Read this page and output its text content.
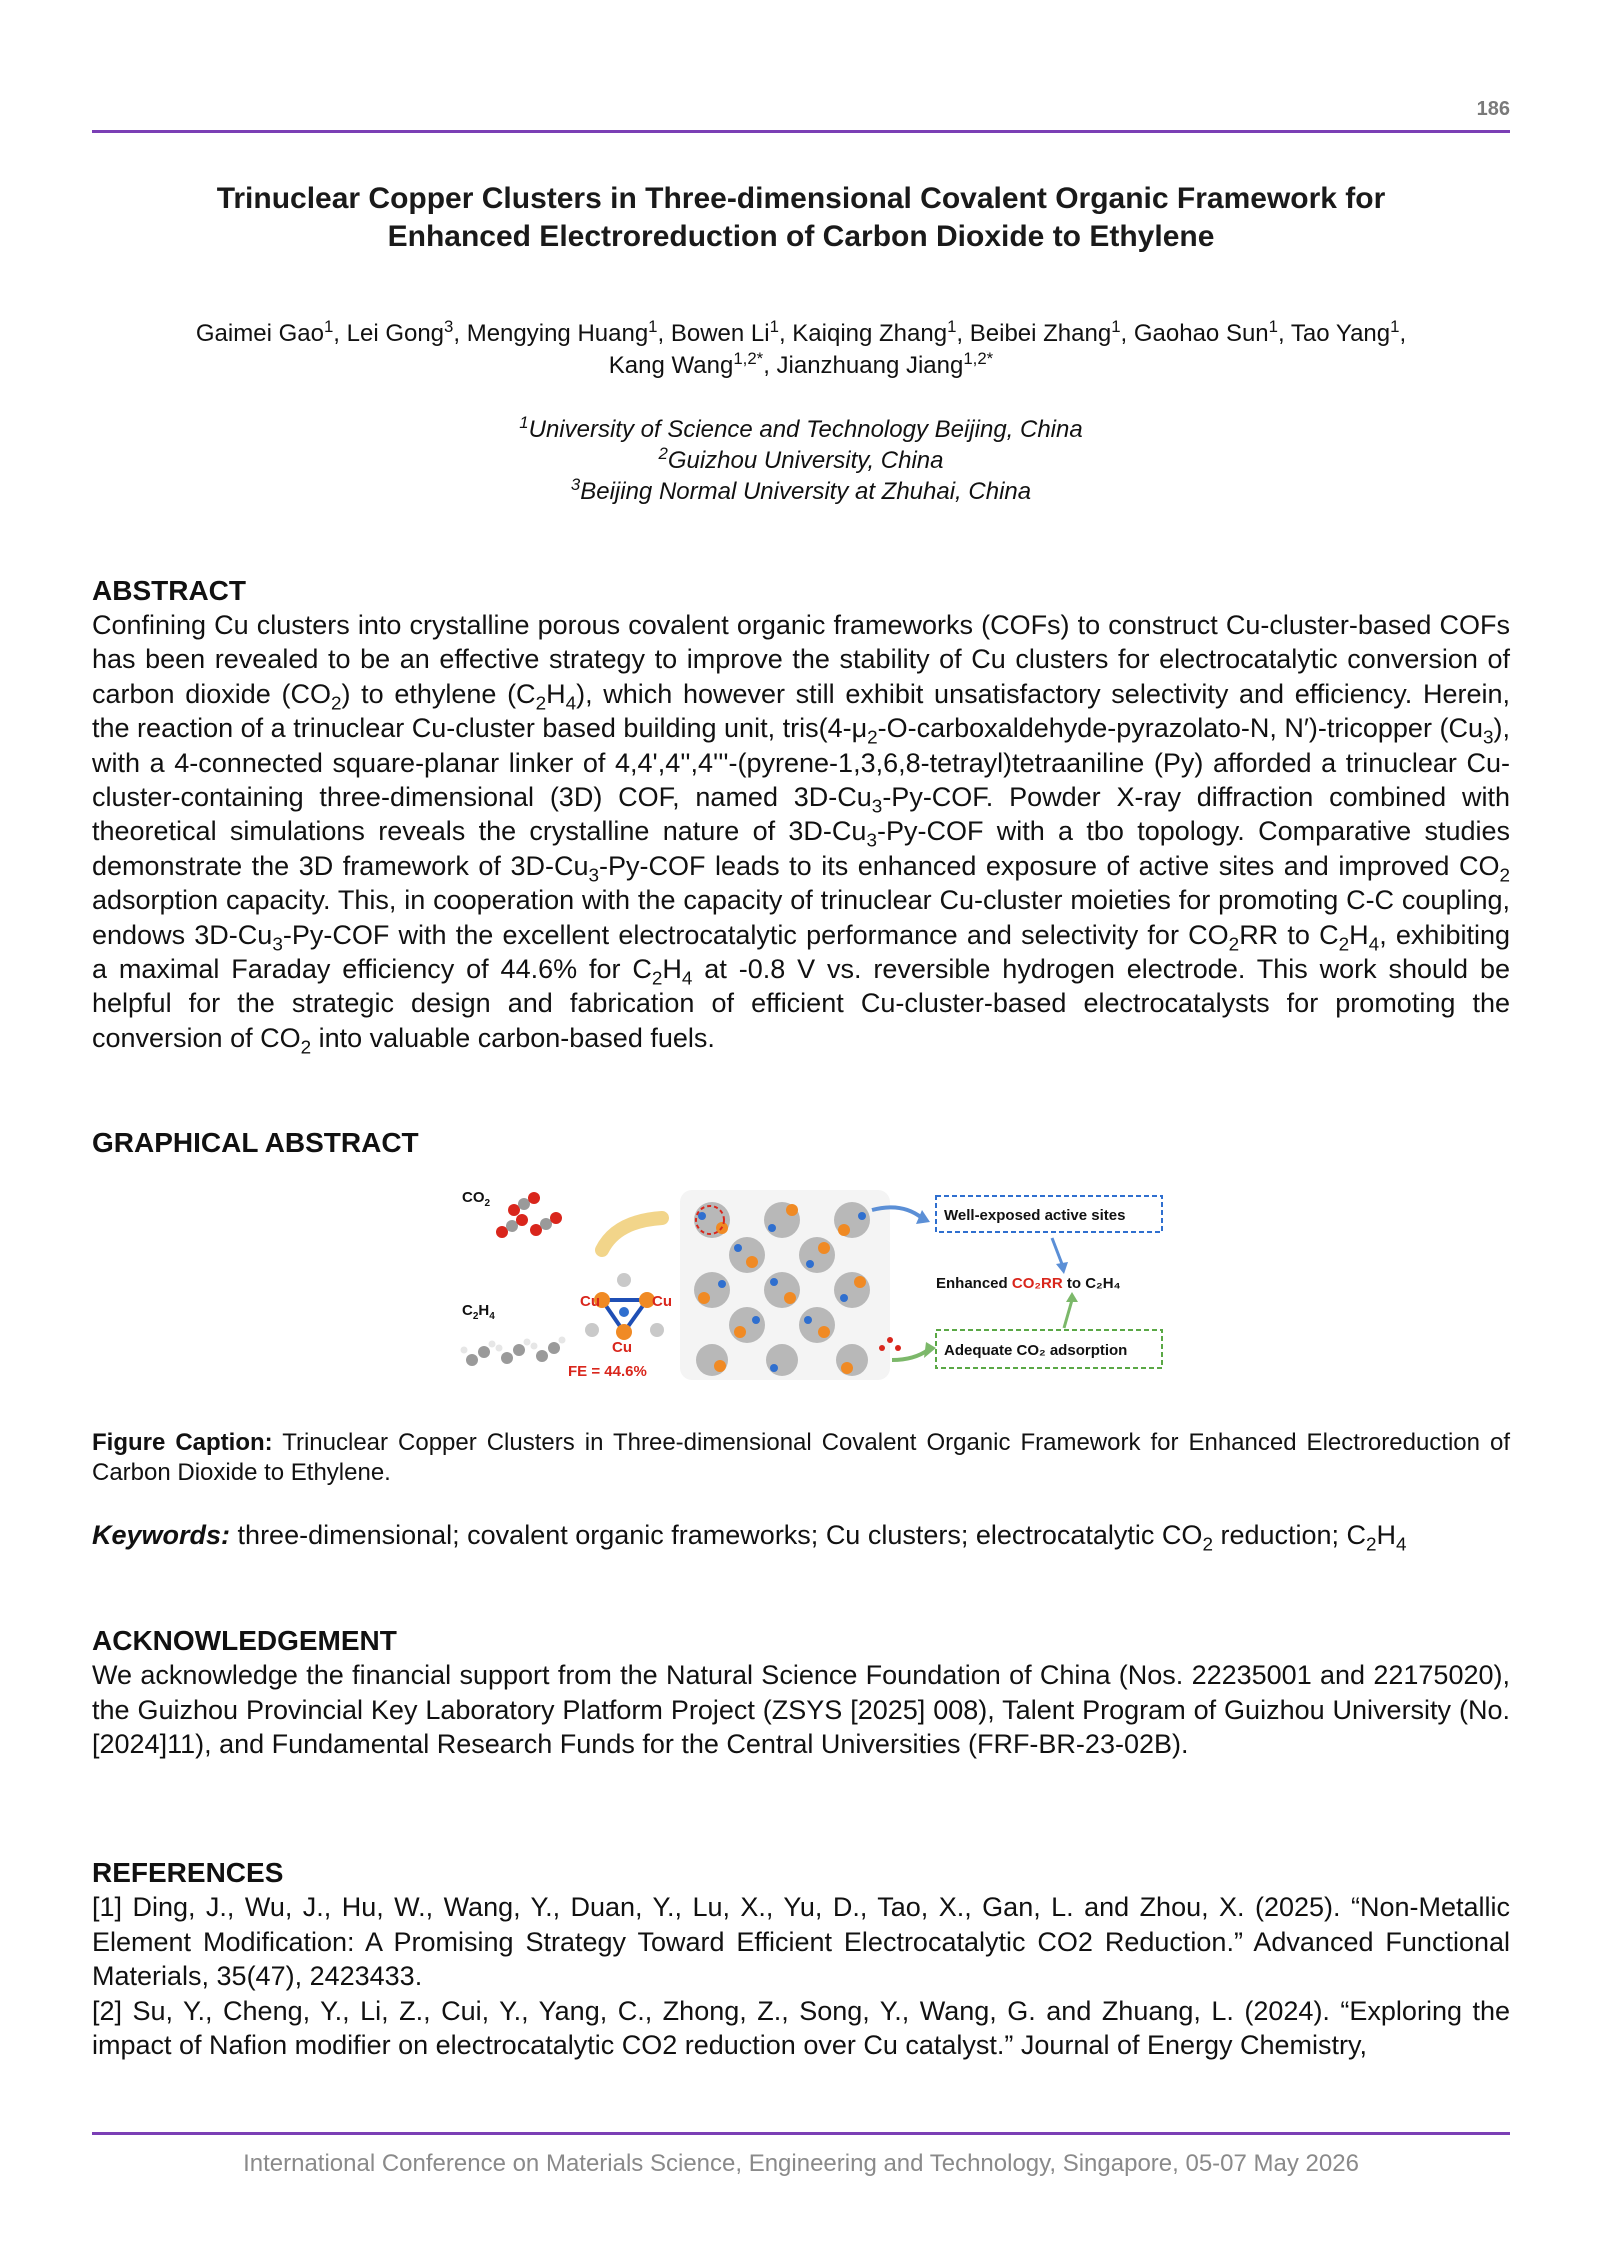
186
Trinuclear Copper Clusters in Three-dimensional Covalent Organic Framework for
Enhanced Electroreduction of Carbon Dioxide to Ethylene
Gaimei Gao$^1$, Lei Gong$^3$, Mengying Huang$^1$, Bowen Li$^1$, Kaiqing Zhang$^1$, Beibei Zhang$^1$, Gaohao Sun$^1$, Tao Yang$^1$,
Kang Wang$^{1,2*}$, Jianzhuang Jiang$^{1,2*}$
$^1$University of Science and Technology Beijing, China
$^2$Guizhou University, China
$^3$Beijing Normal University at Zhuhai, China
ABSTRACT

Confining Cu clusters into crystalline porous covalent organic frameworks (COFs) to construct Cu-cluster-based COFs has been revealed to be an effective strategy to improve the stability of Cu clusters for electrocatalytic conversion of carbon dioxide $(CO_2)$ to ethylene $(C_2H_4)$, which however still exhibit unsatisfactory selectivity and efficiency. Herein, the reaction of a trinuclear Cu-cluster based building unit, $tris(4-\mu_2-O-carboxaldehyde-pyrazolato-N$, N′)-tricopper $(Cu_3)$, with a 4-connected square-planar linker of 4,4',4'',4'''-(pyrene-1,3,6,8-tetrayl)tetraaniline (Py) afforded a trinuclear Cu-cluster-containing three-dimensional (3D) COF, named $3D-Cu_3-Py$-COF. Powder X-ray diffraction combined with theoretical simulations reveals the crystalline nature of $3D-Cu_3-Py$-COF with a tbo topology. Comparative studies demonstrate the 3D framework of $3D-Cu_3-Py$-COF leads to its enhanced exposure of active sites and improved $CO_2$ adsorption capacity. This, in cooperation with the capacity of trinuclear Cu-cluster moieties for promoting C-C coupling, endows $3D-Cu_3-Py$-COF with the excellent electrocatalytic performance and selectivity for $CO_2RR$ to $C_2H_4$, exhibiting a maximal Faraday efficiency of 44.6% for $C_2H_4$ at -0.8 V vs. reversible hydrogen electrode. This work should be helpful for the strategic design and fabrication of efficient Cu-cluster-based electrocatalysts for promoting the conversion of $CO_2$ into valuable carbon-based fuels.

GRAPHICAL ABSTRACT
$CO_2$
$C_2H_4$
Cu	Cu
Cu
FE = 44.6%
Well-exposed active sites
Enhanced CO₂RR to C₂H₄
Adequate CO₂ adsorption
Figure Caption: Trinuclear Copper Clusters in Three-dimensional Covalent Organic Framework for Enhanced Electroreduction of Carbon Dioxide to Ethylene.
Keywords: three-dimensional; covalent organic frameworks; Cu clusters; electrocatalytic $CO_2$ reduction; $C_2H_4$
ACKNOWLEDGEMENT

We acknowledge the financial support from the Natural Science Foundation of China (Nos. 22235001 and 22175020), the Guizhou Provincial Key Laboratory Platform Project (ZSYS [2025] 008), Talent Program of Guizhou University (No.[2024]11), and Fundamental Research Funds for the Central Universities (FRF-BR-23-02B).

REFERENCES

[1] Ding, J., Wu, J., Hu, W., Wang, Y., Duan, Y., Lu, X., Yu, D., Tao, X., Gan, L. and Zhou, X. (2025). “Non-Metallic Element Modification: A Promising Strategy Toward Efficient Electrocatalytic CO2 Reduction.” Advanced Functional Materials, 35(47), 2423433.

[2] Su, Y., Cheng, Y., Li, Z., Cui, Y., Yang, C., Zhong, Z., Song, Y., Wang, G. and Zhuang, L. (2024). “Exploring the impact of Nafion modifier on electrocatalytic CO2 reduction over Cu catalyst.” Journal of Energy Chemistry,

International Conference on Materials Science, Engineering and Technology, Singapore, 05-07 May 2026
